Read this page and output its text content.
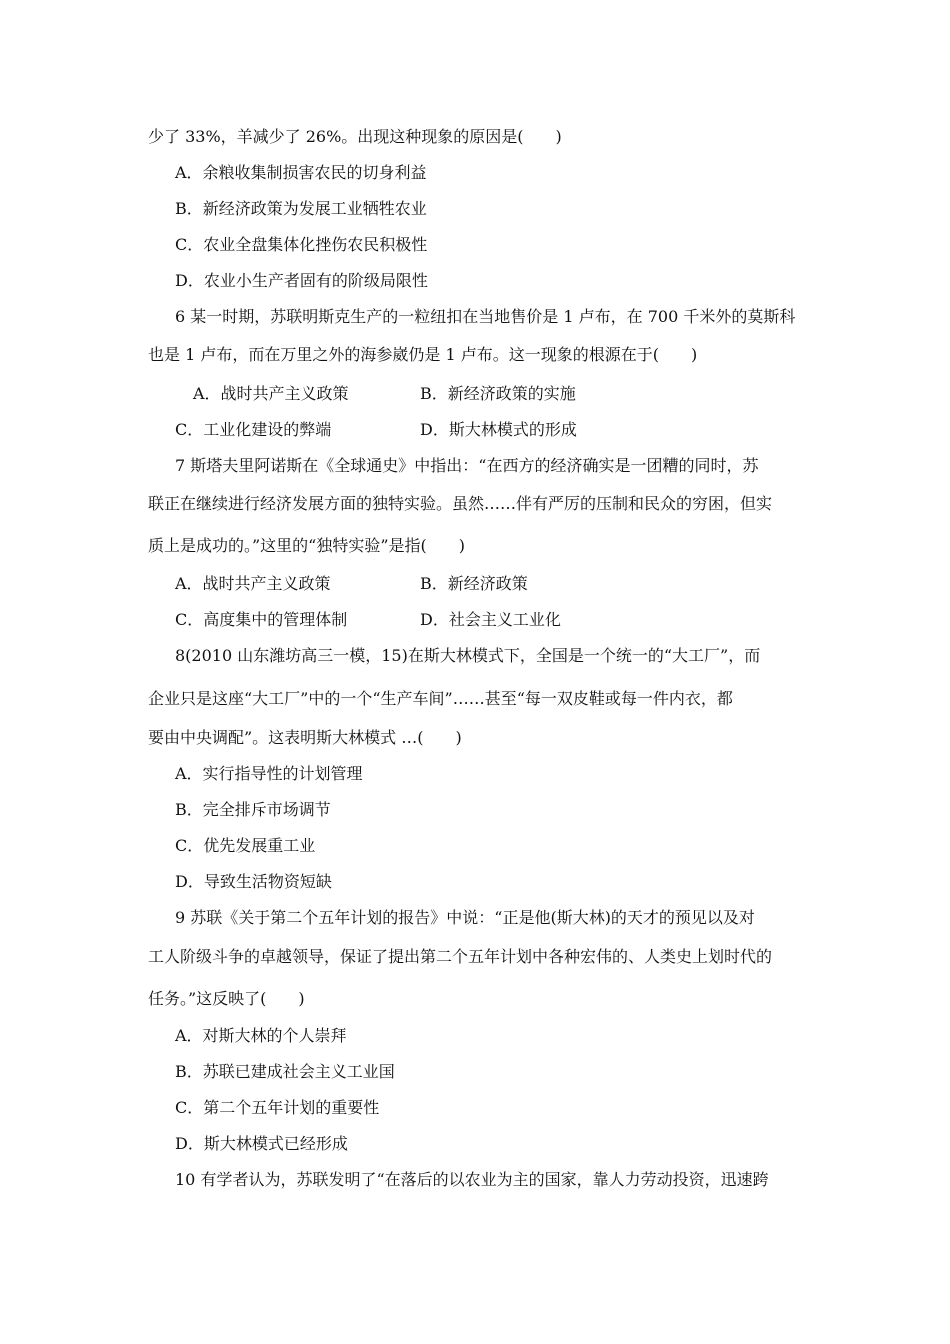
少了 33%，羊减少了 26%。出现这种现象的原因是(　　)
A．余粮收集制损害农民的切身利益
B．新经济政策为发展工业牺牲农业
C．农业全盘集体化挫伤农民积极性
D．农业小生产者固有的阶级局限性
6 某一时期，苏联明斯克生产的一粒纽扣在当地售价是 1 卢布，在 700 千米外的莫斯科
也是 1 卢布，而在万里之外的海参崴仍是 1 卢布。这一现象的根源在于(　　)
A．战时共产主义政策	B．新经济政策的实施
C．工业化建设的弊端	D．斯大林模式的形成
7 斯塔夫里阿诺斯在《全球通史》中指出：“在西方的经济确实是一团糟的同时，苏
联正在继续进行经济发展方面的独特实验。虽然……伴有严厉的压制和民众的穷困，但实
质上是成功的。”这里的“独特实验”是指(　　)
A．战时共产主义政策	B．新经济政策
C．高度集中的管理体制	D．社会主义工业化
8(2010 山东潍坊高三一模，15)在斯大林模式下，全国是一个统一的“大工厂”，而
企业只是这座“大工厂”中的一个“生产车间”……甚至“每一双皮鞋或每一件内衣，都
要由中央调配”。这表明斯大林模式 …(　　)
A．实行指导性的计划管理
B．完全排斥市场调节
C．优先发展重工业
D．导致生活物资短缺
9 苏联《关于第二个五年计划的报告》中说：“正是他(斯大林)的天才的预见以及对
工人阶级斗争的卓越领导，保证了提出第二个五年计划中各种宏伟的、人类史上划时代的
任务。”这反映了(　　)
A．对斯大林的个人崇拜
B．苏联已建成社会主义工业国
C．第二个五年计划的重要性
D．斯大林模式已经形成
10 有学者认为，苏联发明了“在落后的以农业为主的国家，靠人力劳动投资，迅速跨
